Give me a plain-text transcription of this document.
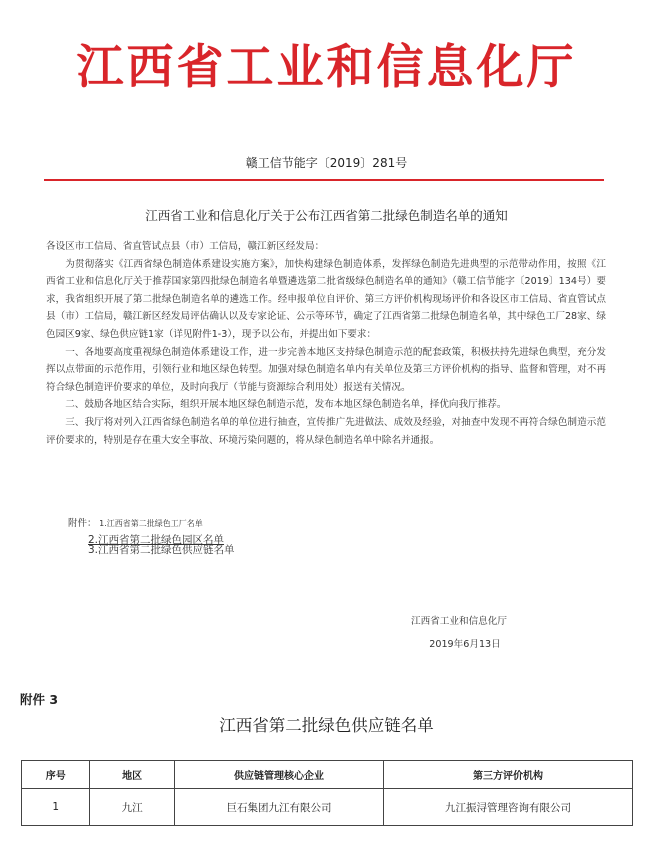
江西省工业和信息化厅
赣工信节能字〔2019〕281号
江西省工业和信息化厅关于公布江西省第二批绿色制造名单的通知

各设区市工信局、省直管试点县（市）工信局，赣江新区经发局：

为贯彻落实《江西省绿色制造体系建设实施方案》，加快构建绿色制造体系，发挥绿色制造先进典型的示范带动作用，按照《江西省工业和信息化厅关于推荐国家第四批绿色制造名单暨遴选第二批省级绿色制造名单的通知》（赣工信节能字〔2019〕134号）要求，我省组织开展了第二批绿色制造名单的遴选工作。经申报单位自评价、第三方评价机构现场评价和各设区市工信局、省直管试点县（市）工信局，赣江新区经发局评估确认以及专家论证、公示等环节，确定了江西省第二批绿色制造名单，其中绿色工厂28家、绿色园区9家、绿色供应链1家（详见附件1-3），现予以公布，并提出如下要求：

一、各地要高度重视绿色制造体系建设工作，进一步完善本地区支持绿色制造示范的配套政策，积极扶持先进绿色典型，充分发挥以点带面的示范作用，引领行业和地区绿色转型。加强对绿色制造名单内有关单位及第三方评价机构的指导、监督和管理，对不再符合绿色制造评价要求的单位，及时向我厅（节能与资源综合利用处）报送有关情况。

二、鼓励各地区结合实际，组织开展本地区绿色制造示范，发布本地区绿色制造名单，择优向我厅推荐。

三、我厅将对列入江西省绿色制造名单的单位进行抽查，宣传推广先进做法、成效及经验，对抽查中发现不再符合绿色制造示范评价要求的，特别是存在重大安全事故、环境污染问题的，将从绿色制造名单中除名并通报。

附件： 1.江西省第二批绿色工厂名单
2.江西省第二批绿色园区名单
3.江西省第二批绿色供应链名单
江西省工业和信息化厅
2019年6月13日
附件 3
江西省第二批绿色供应链名单
序号	地区	供应链管理核心企业	第三方评价机构
1	九江	巨石集团九江有限公司	九江振浔管理咨询有限公司
